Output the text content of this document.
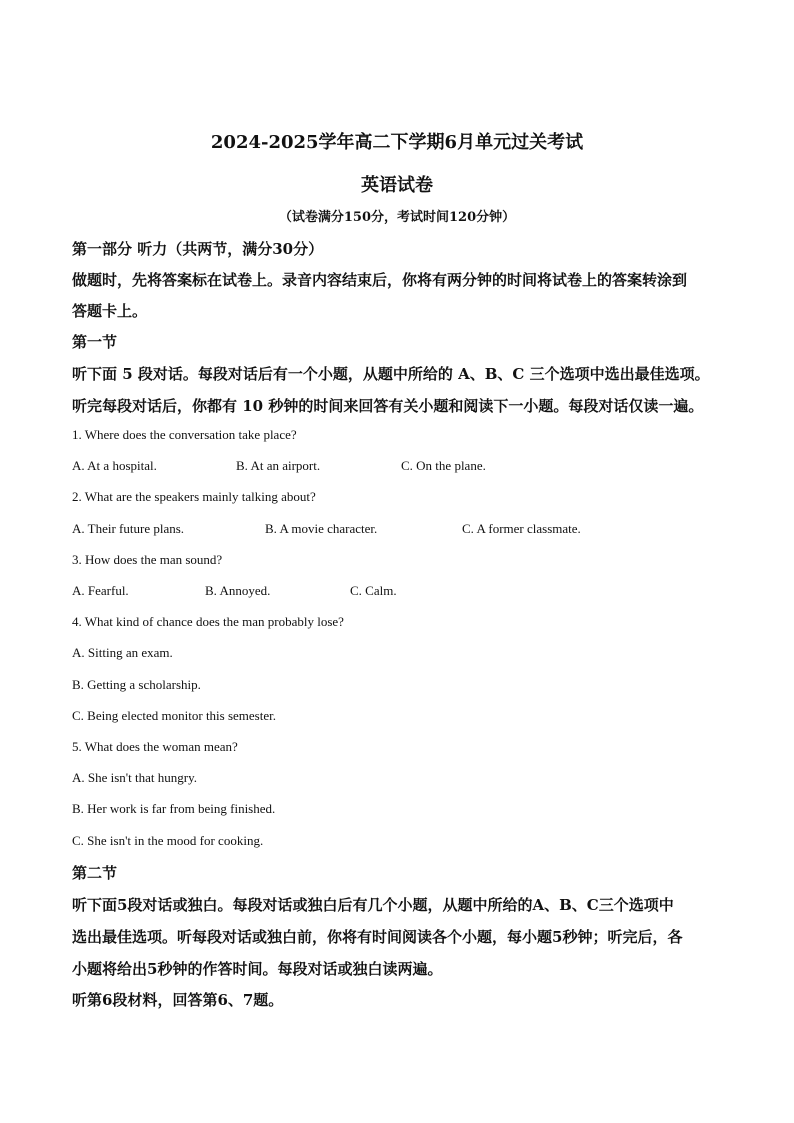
2024-2025学年高二下学期6月单元过关考试
英语试卷
（试卷满分150分，考试时间120分钟）
第一部分 听力（共两节，满分30分）
做题时，先将答案标在试卷上。录音内容结束后，你将有两分钟的时间将试卷上的答案转涂到
答题卡上。
第一节
听下面 5 段对话。每段对话后有一个小题，从题中所给的 A、B、C 三个选项中选出最佳选项。
听完每段对话后，你都有 10 秒钟的时间来回答有关小题和阅读下一小题。每段对话仅读一遍。
1. Where does the conversation take place?
A. At a hospital.	B. At an airport.	C. On the plane.
2. What are the speakers mainly talking about?
A. Their future plans.	B. A movie character.	C. A former classmate.
3. How does the man sound?
A. Fearful.	B. Annoyed.	C. Calm.
4. What kind of chance does the man probably lose?
A. Sitting an exam.
B. Getting a scholarship.
C. Being elected monitor this semester.
5. What does the woman mean?
A. She isn't that hungry.
B. Her work is far from being finished.
C. She isn't in the mood for cooking.
第二节
听下面5段对话或独白。每段对话或独白后有几个小题，从题中所给的A、B、C三个选项中
选出最佳选项。听每段对话或独白前，你将有时间阅读各个小题，每小题5秒钟；听完后，各
小题将给出5秒钟的作答时间。每段对话或独白读两遍。
听第6段材料，回答第6、7题。
